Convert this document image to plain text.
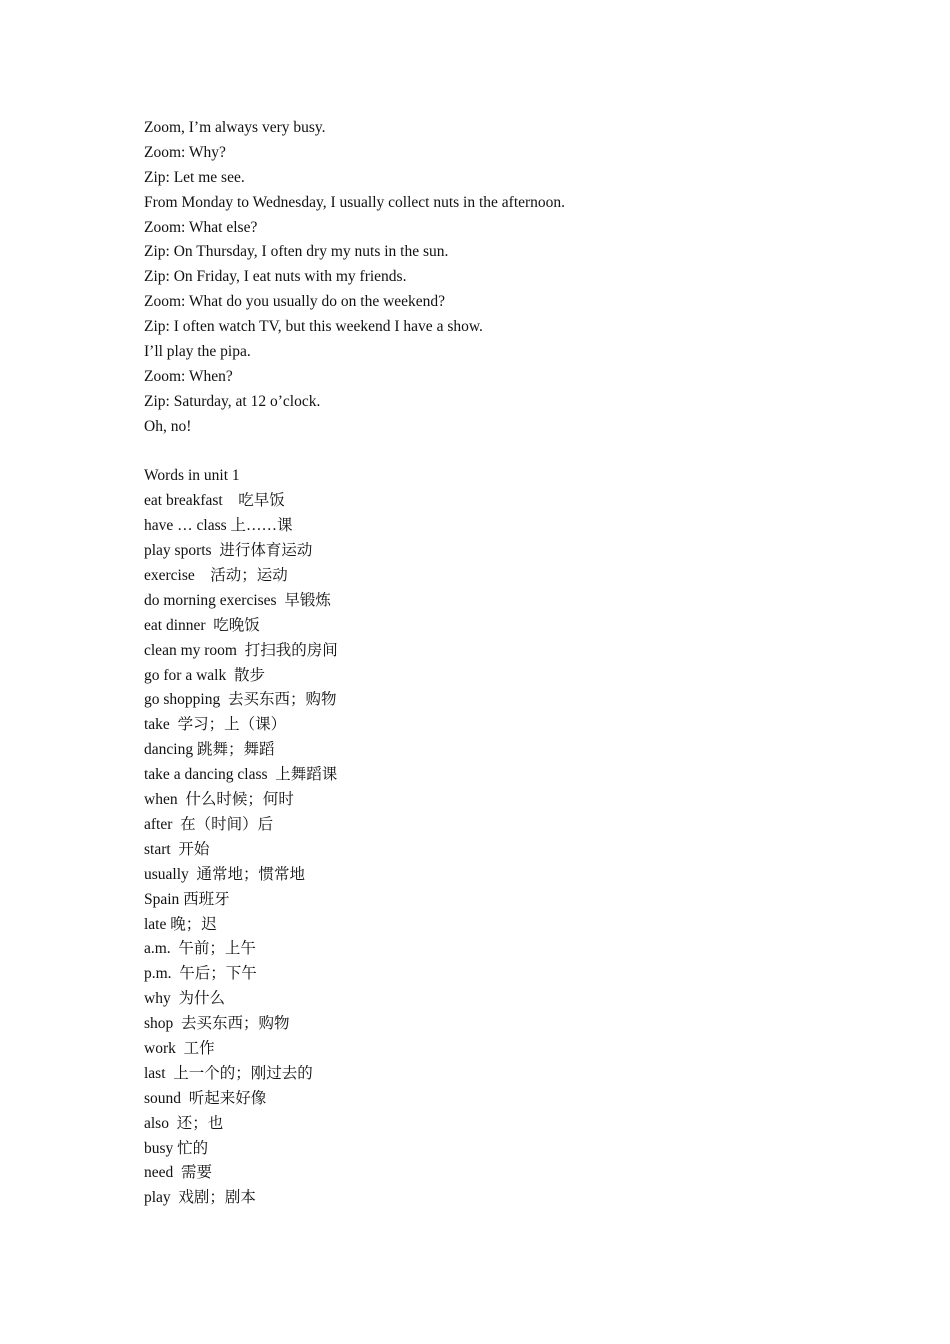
Zoom, I’m always very busy.
Zoom: Why?
Zip: Let me see.
From Monday to Wednesday, I usually collect nuts in the afternoon.
Zoom: What else?
Zip: On Thursday, I often dry my nuts in the sun.
Zip: On Friday, I eat nuts with my friends.
Zoom: What do you usually do on the weekend?
Zip: I often watch TV, but this weekend I have a show.
I’ll play the pipa.
Zoom: When?
Zip: Saturday, at 12 o’clock.
Oh, no!
Words in unit 1
eat breakfast　吃早饭
have … class 上……课
play sports  进行体育运动
exercise　活动；运动
do morning exercises  早锻炼
eat dinner  吃晚饭
clean my room  打扫我的房间
go for a walk  散步
go shopping  去买东西；购物
take  学习；上（课）
dancing 跳舞；舞蹈
take a dancing class  上舞蹈课
when  什么时候；何时
after  在（时间）后
start  开始
usually  通常地；惯常地
Spain 西班牙
late 晚；迟
a.m.  午前；上午
p.m.  午后；下午
why  为什么
shop  去买东西；购物
work  工作
last  上一个的；刚过去的
sound  听起来好像
also  还；也
busy 忙的
need  需要
play  戏剧；剧本
